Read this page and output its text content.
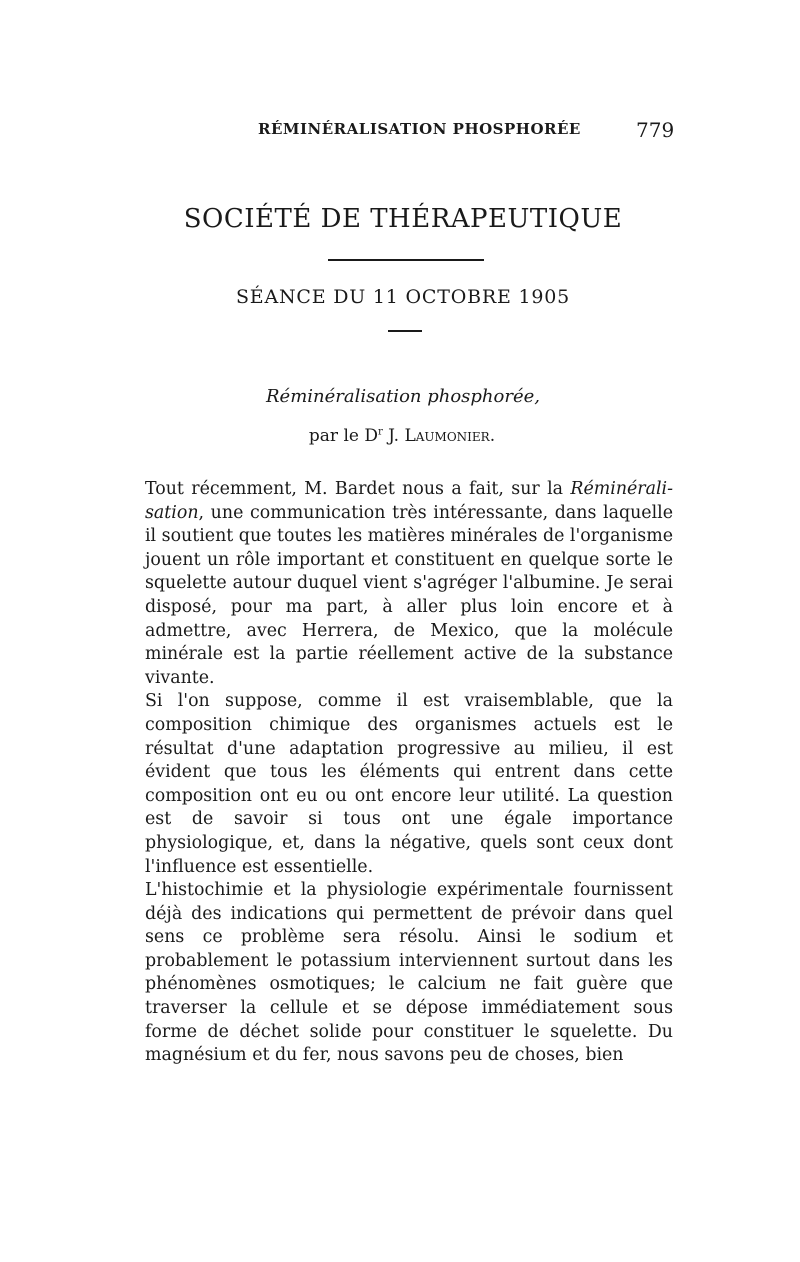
RÉMINÉRALISATION PHOSPHORÉE	779
SOCIÉTÉ DE THÉRAPEUTIQUE
SÉANCE DU 11 OCTOBRE 1905
Réminéralisation phosphorée,
par le $D^r$ J. Laumonier.

Tout récemment, M. Bardet nous a fait, sur la Réminérali-sation, une communication très intéressante, dans laquelle il soutient que toutes les matières minérales de l'organisme jouent un rôle important et constituent en quelque sorte le squelette autour duquel vient s'agréger l'albumine. Je serai disposé, pour ma part, à aller plus loin encore et à admettre, avec Herrera, de Mexico, que la molécule minérale est la partie réellement active de la substance vivante.

Si l'on suppose, comme il est vraisemblable, que la composition chimique des organismes actuels est le résultat d'une adaptation progressive au milieu, il est évident que tous les éléments qui entrent dans cette composition ont eu ou ont encore leur utilité. La question est de savoir si tous ont une égale importance physiologique, et, dans la négative, quels sont ceux dont l'influence est essentielle.

L'histochimie et la physiologie expérimentale fournissent déjà des indications qui permettent de prévoir dans quel sens ce problème sera résolu. Ainsi le sodium et probablement le potassium interviennent surtout dans les phénomènes osmotiques; le calcium ne fait guère que traverser la cellule et se dépose immédiatement sous forme de déchet solide pour constituer le squelette. Du magnésium et du fer, nous savons peu de choses, bien
